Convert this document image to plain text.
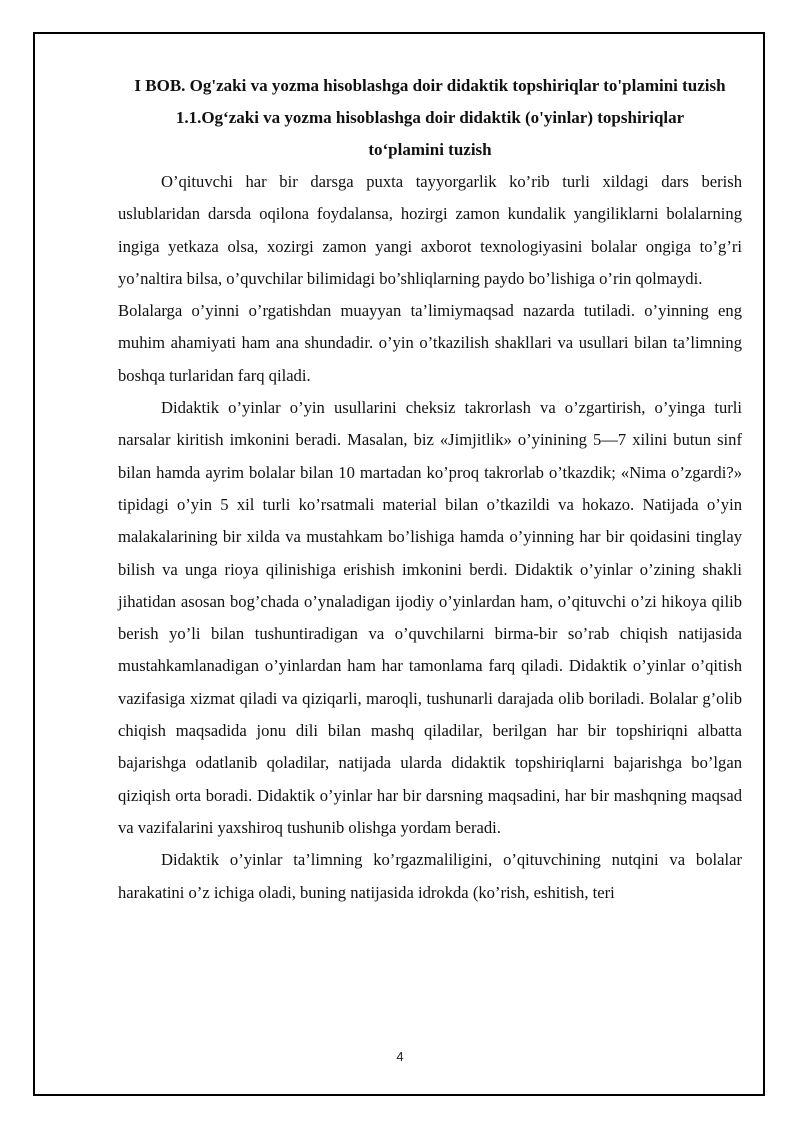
I BOB. Og'zaki va yozma hisoblashga doir didaktik topshiriqlar to'plamini tuzish
1.1.Og‘zaki va yozma hisoblashga doir didaktik (o'yinlar) topshiriqlar to‘plamini tuzish

O’qituvchi har bir darsga puxta tayyorgarlik ko’rib turli xildagi dars berish uslublaridan darsda oqilona foydalansa, hozirgi zamon kundalik yangiliklarni bolalarning ingiga yetkaza olsa, xozirgi zamon yangi axborot texnologiyasini bolalar ongiga to’g’ri yo’naltira bilsa, o’quvchilar bilimidagi bo’shliqlarning paydo bo’lishiga o’rin qolmaydi.

Bolalarga o’yinni o’rgatishdan muayyan ta’limiymaqsad nazarda tutiladi. o’yinning eng muhim ahamiyati ham ana shundadir. o’yin o’tkazilish shakllari va usullari bilan ta’limning boshqa turlaridan farq qiladi.

Didaktik o’yinlar o’yin usullarini cheksiz takrorlash va o’zgartirish, o’yinga turli narsalar kiritish imkonini beradi. Masalan, biz «Jimjitlik» o’yinining 5—7 xilini butun sinf bilan hamda ayrim bolalar bilan 10 martadan ko’proq takrorlab o’tkazdik; «Nima o’zgardi?» tipidagi o’yin 5 xil turli ko’rsatmali material bilan o’tkazildi va hokazo. Natijada o’yin malakalarining bir xilda va mustahkam bo’lishiga hamda o’yinning har bir qoidasini tinglay bilish va unga rioya qilinishiga erishish imkonini berdi. Didaktik o’yinlar o’zining shakli jihatidan asosan bog’chada o’ynaladigan ijodiy o’yinlardan ham, o’qituvchi o’zi hikoya qilib berish yo’li bilan tushuntiradigan va o’quvchilarni birma-bir so’rab chiqish natijasida mustahkamlanadigan o’yinlardan ham har tamonlama farq qiladi. Didaktik o’yinlar o’qitish vazifasiga xizmat qiladi va qiziqarli, maroqli, tushunarli darajada olib boriladi. Bolalar g’olib chiqish maqsadida jonu dili bilan mashq qiladilar, berilgan har bir topshiriqni albatta bajarishga odatlanib qoladilar, natijada ularda didaktik topshiriqlarni bajarishga bo’lgan qiziqish orta boradi. Didaktik o’yinlar har bir darsning maqsadini, har bir mashqning maqsad va vazifalarini yaxshiroq tushunib olishga yordam beradi.

Didaktik o’yinlar ta’limning ko’rgazmaliligini, o’qituvchining nutqini va bolalar harakatini o’z ichiga oladi, buning natijasida idrokda (ko’rish, eshitish, teri

4
